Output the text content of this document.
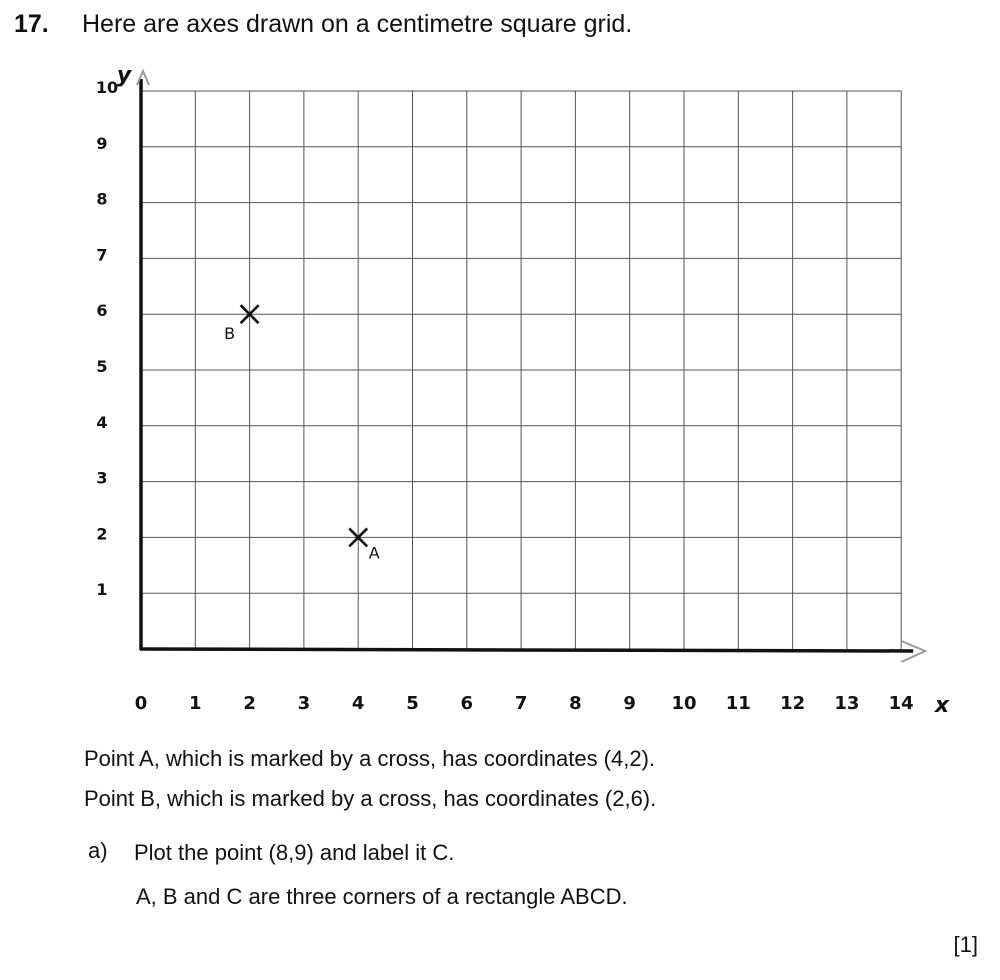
17. Here are axes drawn on a centimetre square grid.
0 1 2 3 4 5 6 7 8 9 10 11 12 13 14
1
2
3
4
5
6
7
8
9
10
x
y
A
B
Point A, which is marked by a cross, has coordinates (4,2).
Point B, which is marked by a cross, has coordinates (2,6).
a) Plot the point (8,9) and label it C.
A, B and C are three corners of a rectangle ABCD.
[1]
